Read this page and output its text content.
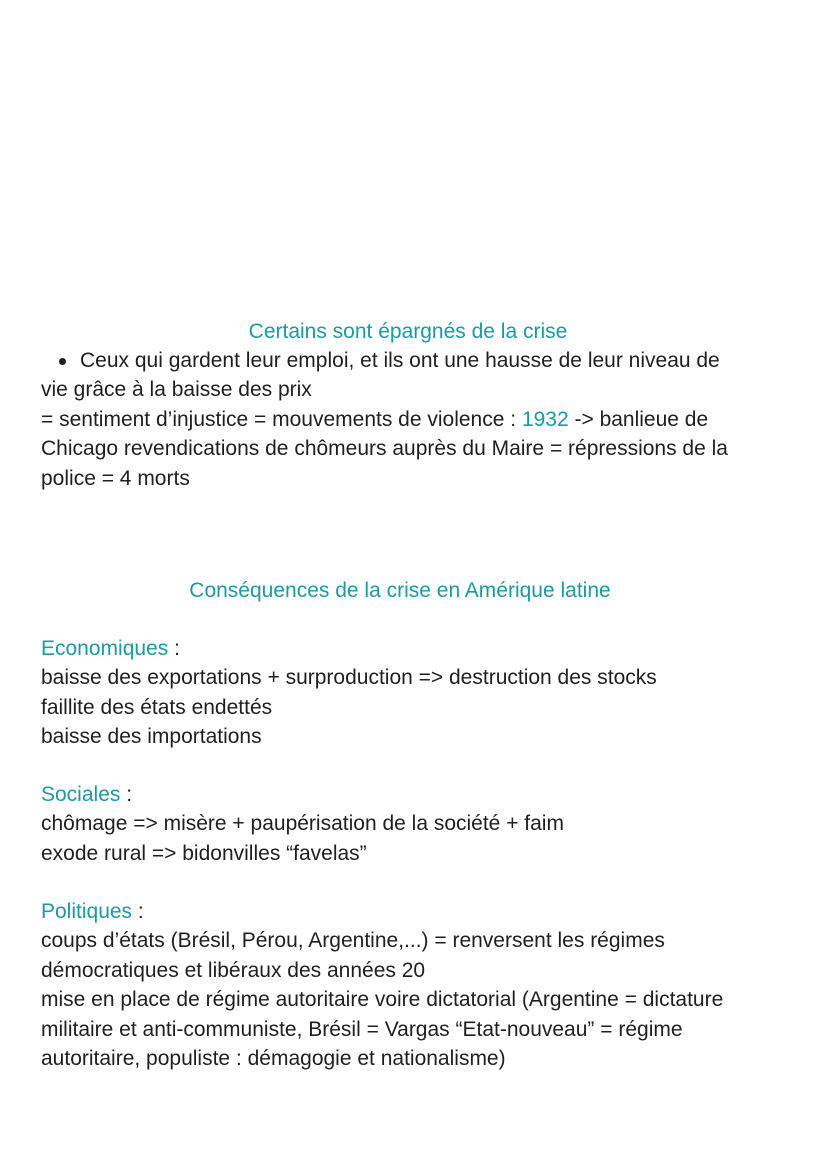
Certains sont épargnés de la crise

Ceux qui gardent leur emploi, et ils ont une hausse de leur niveau de

vie grâce à la baisse des prix

= sentiment d’injustice = mouvements de violence : 1932 -> banlieue de

Chicago revendications de chômeurs auprès du Maire = répressions de la

police = 4 morts

Conséquences de la crise en Amérique latine

Economiques :

baisse des exportations + surproduction => destruction des stocks

faillite des états endettés

baisse des importations

Sociales :

chômage => misère + paupérisation de la société + faim

exode rural => bidonvilles “favelas”

Politiques :

coups d’états (Brésil, Pérou, Argentine,...) = renversent les régimes

démocratiques et libéraux des années 20

mise en place de régime autoritaire voire dictatorial (Argentine = dictature

militaire et anti-communiste, Brésil = Vargas “Etat-nouveau” = régime

autoritaire, populiste : démagogie et nationalisme)
